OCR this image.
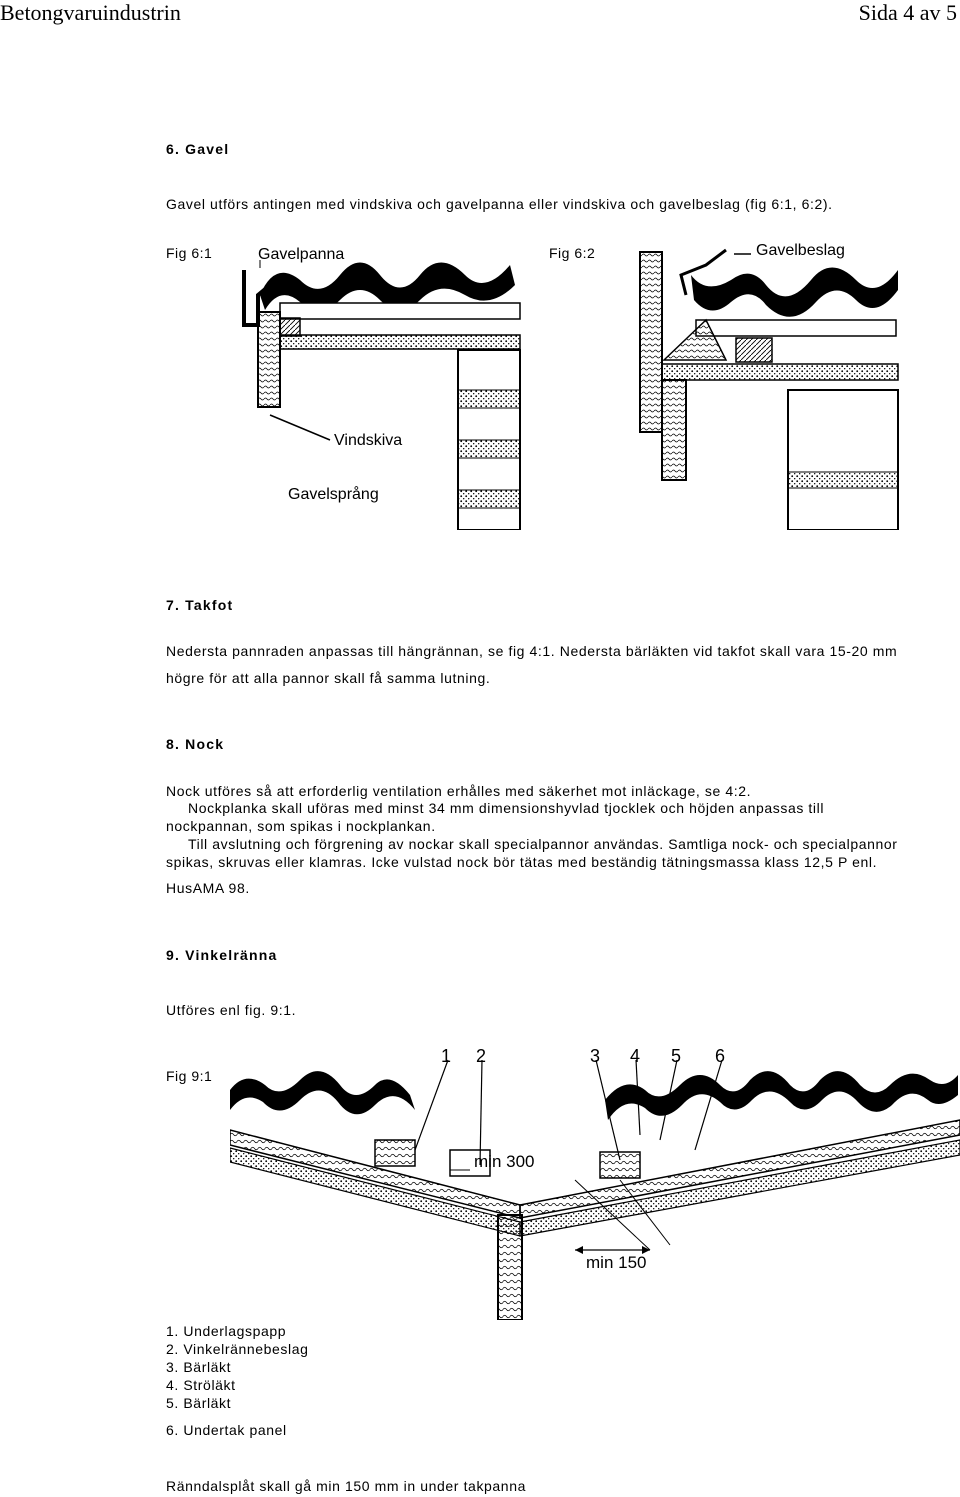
Betongvaruindustrin	Sida 4 av 5
6. Gavel
Gavel utförs antingen med vindskiva och gavelpanna eller vindskiva och gavelbeslag (fig 6:1, 6:2).
Fig 6:1	Fig 6:2
Gavelpanna
Vindskiva
Gavelsprång
Gavelbeslag
7. Takfot
Nedersta pannraden anpassas till hängrännan, se fig 4:1. Nedersta bärläkten vid takfot skall vara 15-20 mm
högre för att alla pannor skall få samma lutning.
8. Nock
Nock utföres så att erforderlig ventilation erhålles med säkerhet mot inläckage, se 4:2.
Nockplanka skall uföras med minst 34 mm dimensionshyvlad tjocklek och höjden anpassas till
nockpannan, som spikas i nockplankan.
Till avslutning och förgrening av nockar skall specialpannor användas. Samtliga nock- och specialpannor
spikas, skruvas eller klamras. Icke vulstad nock bör tätas med beständig tätningsmassa klass 12,5 P enl.
HusAMA 98.
9. Vinkelränna
Utföres enl fig. 9:1.
Fig 9:1
1 2	3 4 5 6
min 300
min 150
1. Underlagspapp
2. Vinkelrännebeslag
3. Bärläkt
4. Ströläkt
5. Bärläkt
6. Undertak panel
Ränndalsplåt skall gå min 150 mm in under takpanna
